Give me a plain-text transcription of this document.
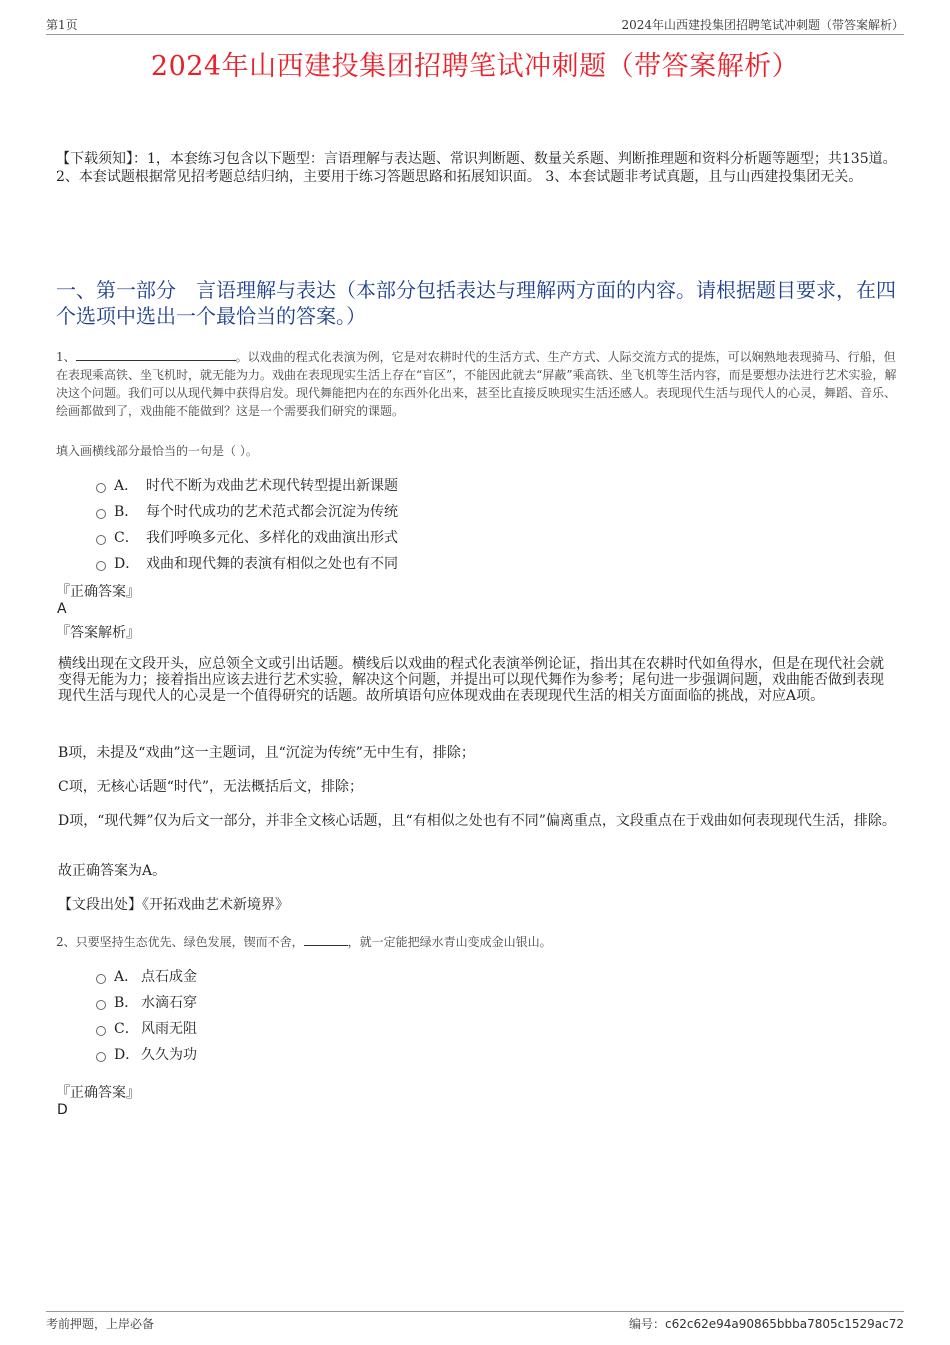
第1页	2024年山西建投集团招聘笔试冲刺题（带答案解析）
2024年山西建投集团招聘笔试冲刺题（带答案解析）
【下载须知】：1，本套练习包含以下题型：言语理解与表达题、常识判断题、数量关系题、判断推理题和资料分析题等题型；共135道。 2、本套试题根据常见招考题总结归纳，主要用于练习答题思路和拓展知识面。 3、本套试题非考试真题，且与山西建投集团无关。
一、第一部分　言语理解与表达（本部分包括表达与理解两方面的内容。请根据题目要求，在四个选项中选出一个最恰当的答案。）
1、	。以戏曲的程式化表演为例，它是对农耕时代的生活方式、生产方式、人际交流方式的提炼，可以娴熟地表现骑马、行船，但在表现乘高铁、坐飞机时，就无能为力。戏曲在表现现实生活上存在“盲区”，不能因此就去“屏蔽”乘高铁、坐飞机等生活内容，而是要想办法进行艺术实验，解决这个问题。我们可以从现代舞中获得启发。现代舞能把内在的东西外化出来，甚至比直接反映现实生活还感人。表现现代生活与现代人的心灵，舞蹈、音乐、绘画都做到了，戏曲能不能做到？这是一个需要我们研究的课题。
填入画横线部分最恰当的一句是（ ）。
A． 时代不断为戏曲艺术现代转型提出新课题
B． 每个时代成功的艺术范式都会沉淀为传统
C． 我们呼唤多元化、多样化的戏曲演出形式
D． 戏曲和现代舞的表演有相似之处也有不同
『正确答案』
A
『答案解析』
横线出现在文段开头，应总领全文或引出话题。横线后以戏曲的程式化表演举例论证，指出其在农耕时代如鱼得水，但是在现代社会就变得无能为力；接着指出应该去进行艺术实验，解决这个问题，并提出可以现代舞作为参考；尾句进一步强调问题，戏曲能否做到表现现代生活与现代人的心灵是一个值得研究的话题。故所填语句应体现戏曲在表现现代生活的相关方面面临的挑战，对应A项。
B项，未提及“戏曲”这一主题词，且“沉淀为传统”无中生有，排除；
C项，无核心话题“时代”，无法概括后文，排除；
D项，“现代舞”仅为后文一部分，并非全文核心话题，且“有相似之处也有不同”偏离重点，文段重点在于戏曲如何表现现代生活，排除。
故正确答案为A。
【文段出处】《开拓戏曲艺术新境界》
2、只要坚持生态优先、绿色发展，锲而不舍，	，就一定能把绿水青山变成金山银山。
A． 点石成金
B． 水滴石穿
C． 风雨无阻
D． 久久为功
『正确答案』
D
考前押题，上岸必备	编号：c62c62e94a90865bbba7805c1529ac72
